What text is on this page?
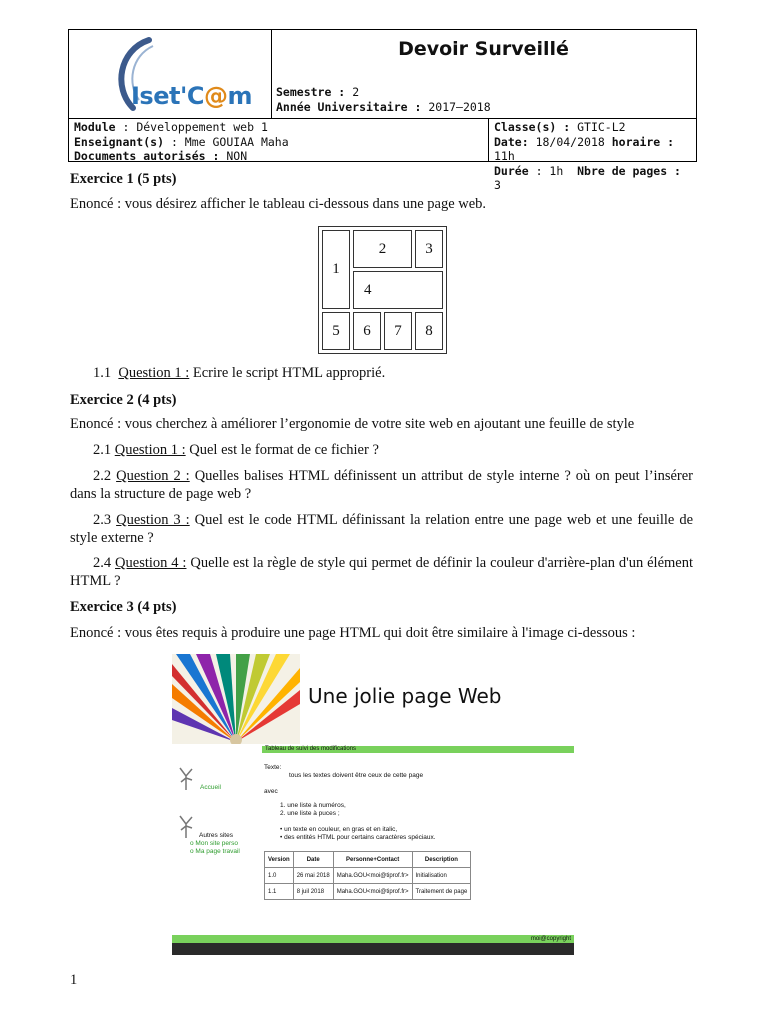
Iset'C@m
Devoir Surveillé
Semestre : 2
Année Universitaire : 2017–2018
Module : Développement web 1
Enseignant(s) : Mme GOUIAA Maha
Documents autorisés : NON
Classe(s) : GTIC-L2
Date: 18/04/2018 horaire : 11h
Durée : 1h Nbre de pages : 3
Exercice 1 (5 pts)
Enoncé : vous désirez afficher le tableau ci-dessous dans une page web.
1	2		3
	4		
5	6	7	8
1.1 Question 1 : Ecrire le script HTML approprié.
Exercice 2 (4 pts)
Enoncé : vous cherchez à améliorer l’ergonomie de votre site web en ajoutant une feuille de style
2.1 Question 1 : Quel est le format de ce fichier ?
2.2 Question 2 : Quelles balises HTML définissent un attribut de style interne ? où on peut l’insérer dans la structure de page web ?
2.3 Question 3 : Quel est le code HTML définissant la relation entre une page web et une feuille de style externe ?
2.4 Question 4 : Quelle est la règle de style qui permet de définir la couleur d'arrière-plan d'un élément HTML ?
Exercice 3 (4 pts)
Enoncé : vous êtes requis à produire une page HTML qui doit être similaire à l'image ci-dessous :
Une jolie page Web
Tableau de suivi des modifications
Accueil
Autres sites
o Mon site perso
o Ma page travail
Texte:
tous les textes doivent être ceux de cette page
avec
1. une liste à numéros,
2. une liste à puces ;
• un texte en couleur, en gras et en italic,
• des entités HTML pour certains caractères spéciaux.
Version	Date	Personne+Contact	Description
1.0	26 mai 2018	Maha.GOU<moi@tiprof.fr>	Initialisation
1.1	8 juil 2018	Maha.GOU<moi@tiprof.fr>	Traitement de page
moi@copyright
1
